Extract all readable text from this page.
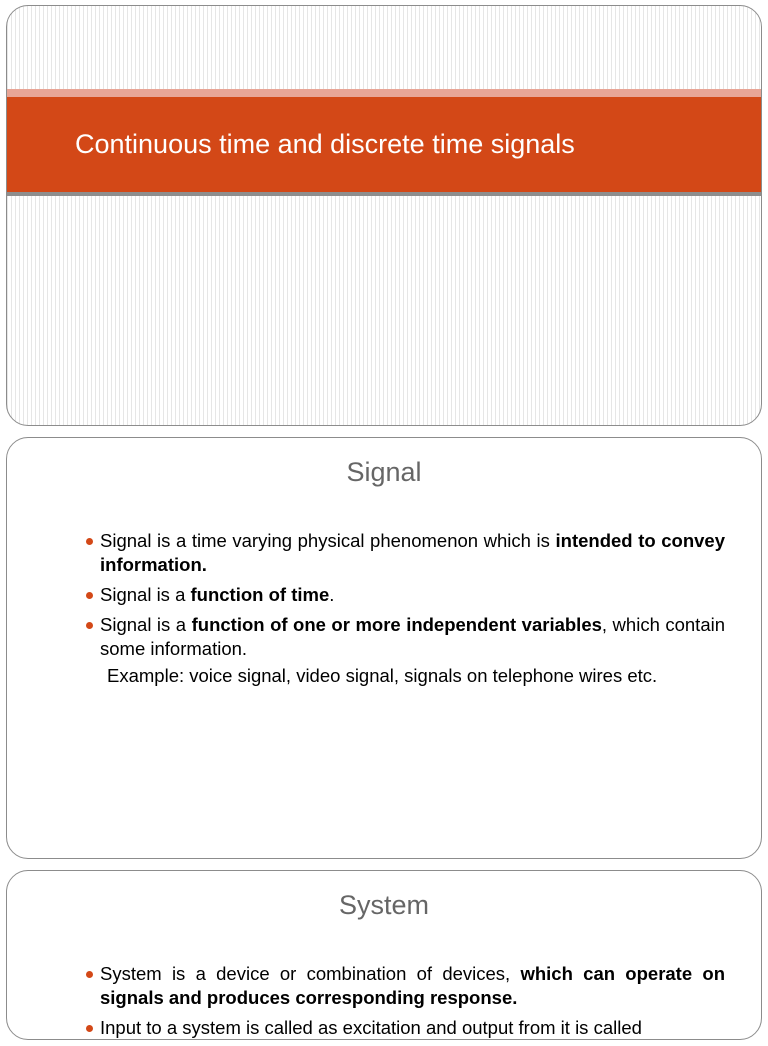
Continuous time and discrete time signals
Signal
Signal is a time varying physical phenomenon which is intended to convey information.
Signal is a function of time.
Signal is a function of one or more independent variables, which contain some information.
Example: voice signal, video signal, signals on telephone wires etc.
System
System is a device or combination of devices, which can operate on signals and produces corresponding response.
Input to a system is called as excitation and output from it is called
